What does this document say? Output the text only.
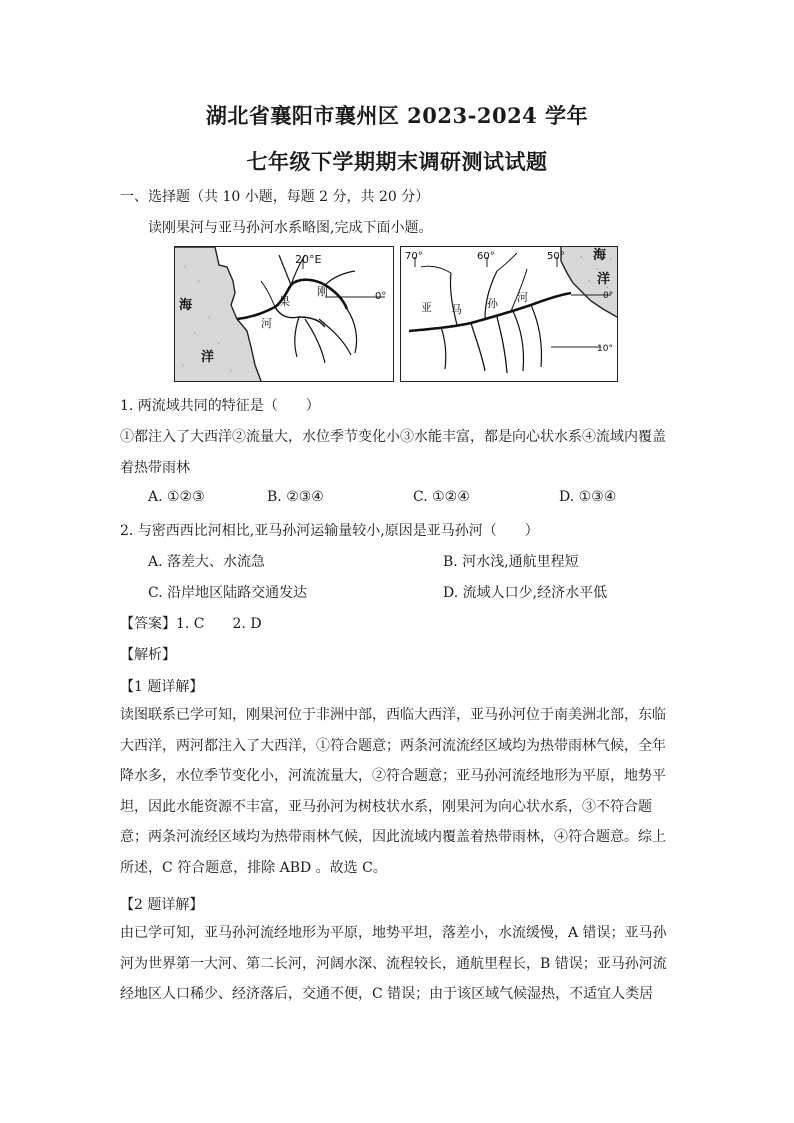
湖北省襄阳市襄州区 2023-2024 学年
七年级下学期期末调研测试试题
一、选择题（共 10 小题，每题 2 分，共 20 分）
读刚果河与亚马孙河水系略图,完成下面小题。
20°E
0°
海
洋
果
刚
河
70°	60°	50°
0°
10°
海
洋
亚 马 孙 河
1. 两流域共同的特征是（　　）
①都注入了大西洋②流量大，水位季节变化小③水能丰富，都是向心状水系④流域内覆盖
着热带雨林
A. ①②③	B. ②③④	C. ①②④	D. ①③④
2. 与密西西比河相比,亚马孙河运输量较小,原因是亚马孙河（　　）
A. 落差大、水流急	B. 河水浅,通航里程短
C. 沿岸地区陆路交通发达	D. 流域人口少,经济水平低
【答案】1. C　　2. D
【解析】
【1 题详解】
读图联系已学可知，刚果河位于非洲中部，西临大西洋，亚马孙河位于南美洲北部，东临
大西洋，两河都注入了大西洋，①符合题意；两条河流流经区域均为热带雨林气候，全年
降水多，水位季节变化小，河流流量大，②符合题意；亚马孙河流经地形为平原，地势平
坦，因此水能资源不丰富，亚马孙河为树枝状水系，刚果河为向心状水系，③不符合题
意；两条河流经区域均为热带雨林气候，因此流域内覆盖着热带雨林，④符合题意。综上
所述，C 符合题意，排除 ABD 。故选 C。
【2 题详解】
由已学可知，亚马孙河流经地形为平原，地势平坦，落差小，水流缓慢，A 错误；亚马孙
河为世界第一大河、第二长河，河阔水深、流程较长，通航里程长，B 错误；亚马孙河流
经地区人口稀少、经济落后，交通不便，C 错误；由于该区域气候湿热，不适宜人类居
